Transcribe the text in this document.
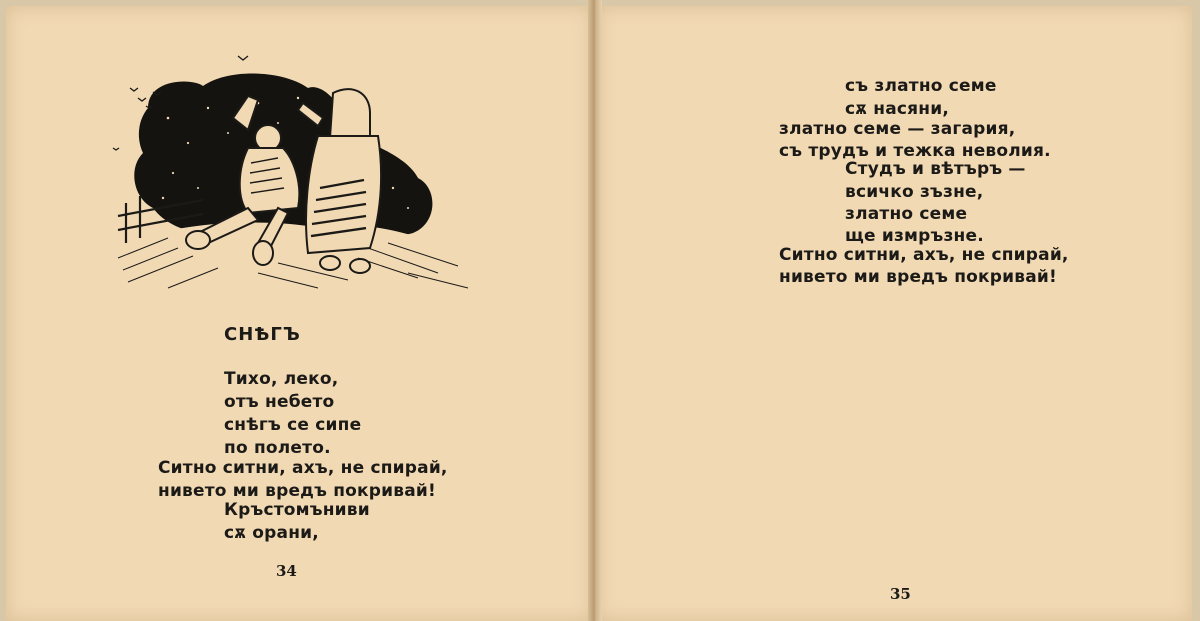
СНѢГЪ
Тихо, леко,
отъ небето
снѣгъ се сипе
по полето.
Ситно ситни, ахъ, не спирай,
нивето ми вредъ покривай!
Кръстомъниви
сѫ орани,
34
съ златно семе
сѫ насяни,
златно семе — загария,
съ трудъ и тежка неволия.
Студъ и вѣтъръ —
всичко зъзне,
златно семе
ще измръзне.
Ситно ситни, ахъ, не спирай,
нивето ми вредъ покривай!
35
